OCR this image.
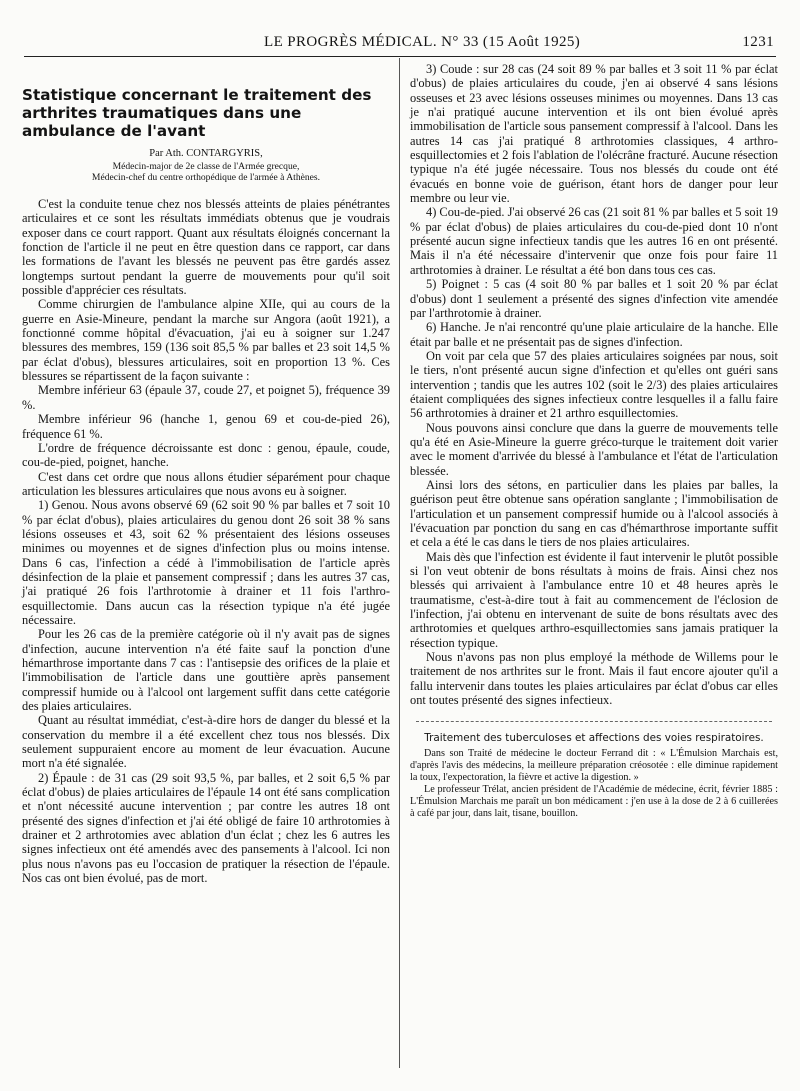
LE PROGRÈS MÉDICAL. N° 33 (15 Août 1925)	1231
Statistique concernant le traitement des arthrites traumatiques dans une ambulance de l'avant
Par Ath. CONTARGYRIS,
Médecin-major de 2e classe de l'Armée grecque,
Médecin-chef du centre orthopédique de l'armée à Athènes.

C'est la conduite tenue chez nos blessés atteints de plaies pénétrantes articulaires et ce sont les résultats immédiats obtenus que je voudrais exposer dans ce court rapport. Quant aux résultats éloignés concernant la fonction de l'article il ne peut en être question dans ce rapport, car dans les formations de l'avant les blessés ne peuvent pas être gardés assez longtemps surtout pendant la guerre de mouvements pour qu'il soit possible d'apprécier ces résultats.

Comme chirurgien de l'ambulance alpine XIIe, qui au cours de la guerre en Asie-Mineure, pendant la marche sur Angora (août 1921), a fonctionné comme hôpital d'évacuation, j'ai eu à soigner sur 1.247 blessures des membres, 159 (136 soit 85,5 % par balles et 23 soit 14,5 % par éclat d'obus), blessures articulaires, soit en proportion 13 %. Ces blessures se répartissent de la façon suivante :

Membre inférieur 63 (épaule 37, coude 27, et poignet 5), fréquence 39 %.

Membre inférieur 96 (hanche 1, genou 69 et cou-de-pied 26), fréquence 61 %.

L'ordre de fréquence décroissante est donc : genou, épaule, coude, cou-de-pied, poignet, hanche.

C'est dans cet ordre que nous allons étudier séparément pour chaque articulation les blessures articulaires que nous avons eu à soigner.

1) Genou. Nous avons observé 69 (62 soit 90 % par balles et 7 soit 10 % par éclat d'obus), plaies articulaires du genou dont 26 soit 38 % sans lésions osseuses et 43, soit 62 % présentaient des lésions osseuses minimes ou moyennes et de signes d'infection plus ou moins intense. Dans 6 cas, l'infection a cédé à l'immobilisation de l'article après désinfection de la plaie et pansement compressif ; dans les autres 37 cas, j'ai pratiqué 26 fois l'arthrotomie à drainer et 11 fois l'arthro-esquillectomie. Dans aucun cas la résection typique n'a été jugée nécessaire.

Pour les 26 cas de la première catégorie où il n'y avait pas de signes d'infection, aucune intervention n'a été faite sauf la ponction d'une hémarthrose importante dans 7 cas : l'antisepsie des orifices de la plaie et l'immobilisation de l'article dans une gouttière après pansement compressif humide ou à l'alcool ont largement suffit dans cette catégorie des plaies articulaires.

Quant au résultat immédiat, c'est-à-dire hors de danger du blessé et la conservation du membre il a été excellent chez tous nos blessés. Dix seulement suppuraient encore au moment de leur évacuation. Aucune mort n'a été signalée.

2) Épaule : de 31 cas (29 soit 93,5 %, par balles, et 2 soit 6,5 % par éclat d'obus) de plaies articulaires de l'épaule 14 ont été sans complication et n'ont nécessité aucune intervention ; par contre les autres 18 ont présenté des signes d'infection et j'ai été obligé de faire 10 arthrotomies à drainer et 2 arthrotomies avec ablation d'un éclat ; chez les 6 autres les signes infectieux ont été amendés avec des pansements à l'alcool. Ici non plus nous n'avons pas eu l'occasion de pratiquer la résection de l'épaule. Nos cas ont bien évolué, pas de mort.

3) Coude : sur 28 cas (24 soit 89 % par balles et 3 soit 11 % par éclat d'obus) de plaies articulaires du coude, j'en ai observé 4 sans lésions osseuses et 23 avec lésions osseuses minimes ou moyennes. Dans 13 cas je n'ai pratiqué aucune intervention et ils ont bien évolué après immobilisation de l'article sous pansement compressif à l'alcool. Dans les autres 14 cas j'ai pratiqué 8 arthrotomies classiques, 4 arthro-esquillectomies et 2 fois l'ablation de l'olécrâne fracturé. Aucune résection typique n'a été jugée nécessaire. Tous nos blessés du coude ont été évacués en bonne voie de guérison, étant hors de danger pour leur membre ou leur vie.

4) Cou-de-pied. J'ai observé 26 cas (21 soit 81 % par balles et 5 soit 19 % par éclat d'obus) de plaies articulaires du cou-de-pied dont 10 n'ont présenté aucun signe infectieux tandis que les autres 16 en ont présenté. Mais il n'a été nécessaire d'intervenir que onze fois pour faire 11 arthrotomies à drainer. Le résultat a été bon dans tous ces cas.

5) Poignet : 5 cas (4 soit 80 % par balles et 1 soit 20 % par éclat d'obus) dont 1 seulement a présenté des signes d'infection vite amendée par l'arthrotomie à drainer.

6) Hanche. Je n'ai rencontré qu'une plaie articulaire de la hanche. Elle était par balle et ne présentait pas de signes d'infection.

On voit par cela que 57 des plaies articulaires soignées par nous, soit le tiers, n'ont présenté aucun signe d'infection et qu'elles ont guéri sans intervention ; tandis que les autres 102 (soit le 2/3) des plaies articulaires étaient compliquées des signes infectieux contre lesquelles il a fallu faire 56 arthrotomies à drainer et 21 arthro esquillectomies.

Nous pouvons ainsi conclure que dans la guerre de mouvements telle qu'a été en Asie-Mineure la guerre gréco-turque le traitement doit varier avec le moment d'arrivée du blessé à l'ambulance et l'état de l'articulation blessée.

Ainsi lors des sétons, en particulier dans les plaies par balles, la guérison peut être obtenue sans opération sanglante ; l'immobilisation de l'articulation et un pansement compressif humide ou à l'alcool associés à l'évacuation par ponction du sang en cas d'hémarthrose importante suffit et cela a été le cas dans le tiers de nos plaies articulaires.

Mais dès que l'infection est évidente il faut intervenir le plutôt possible si l'on veut obtenir de bons résultats à moins de frais. Ainsi chez nos blessés qui arrivaient à l'ambulance entre 10 et 48 heures après le traumatisme, c'est-à-dire tout à fait au commencement de l'éclosion de l'infection, j'ai obtenu en intervenant de suite de bons résultats avec des arthrotomies et quelques arthro-esquillectomies sans jamais pratiquer la résection typique.

Nous n'avons pas non plus employé la méthode de Willems pour le traitement de nos arthrites sur le front. Mais il faut encore ajouter qu'il a fallu intervenir dans toutes les plaies articulaires par éclat d'obus car elles ont toutes présenté des signes infectieux.

Traitement des tuberculoses et affections des voies respiratoires.

Dans son Traité de médecine le docteur Ferrand dit : « L'Émulsion Marchais est, d'après l'avis des médecins, la meilleure préparation créosotée : elle diminue rapidement la toux, l'expectoration, la fièvre et active la digestion. »

Le professeur Trélat, ancien président de l'Académie de médecine, écrit, février 1885 : L'Émulsion Marchais me paraît un bon médicament : j'en use à la dose de 2 à 6 cuillerées à café par jour, dans lait, tisane, bouillon.
